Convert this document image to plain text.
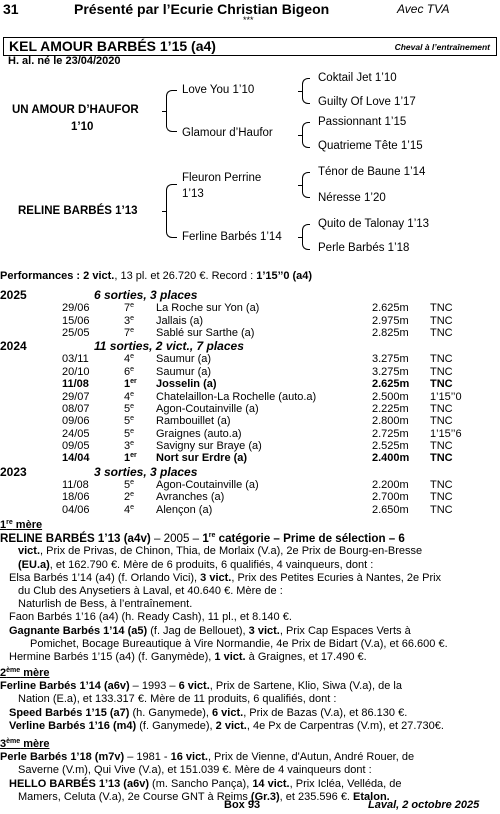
31	Présenté par l’Ecurie Christian Bigeon	Avec TVA
***
KEL AMOUR BARBÉS 1’15 (a4)	Cheval à l’entraînement
H. al. né le 23/04/2020
UN AMOUR D’HAUFOR
1’10
RELINE BARBÉS 1’13
Love You 1’10
Glamour d’Haufor
Fleuron Perrine
1’13
Ferline Barbés 1’14
Coktail Jet 1’10
Guilty Of Love 1’17
Passionnant 1’15
Quatrieme Tête 1’15
Ténor de Baune 1’14
Néresse 1’20
Quito de Talonay 1’13
Perle Barbés 1’18
Performances : 2 vict., 13 pl. et 26.720 €. Record : 1’15’’0 (a4)
2025	6 sorties, 3 places
	29/06	7e	La Roche sur Yon (a)	2.625m	TNC
	15/06	3e	Jallais (a)	2.975m	TNC
	25/05	7e	Sablé sur Sarthe (a)	2.825m	TNC
2024	11 sorties, 2 vict., 7 places
	03/11	4e	Saumur (a)	3.275m	TNC
	20/10	6e	Saumur (a)	3.275m	TNC
	11/08	1er	Josselin (a)	2.625m	TNC
	29/07	4e	Chatelaillon-La Rochelle (auto.a)	2.500m	1’15’’0
	08/07	5e	Agon-Coutainville (a)	2.225m	TNC
	09/06	5e	Rambouillet (a)	2.800m	TNC
	24/05	5e	Graignes (auto.a)	2.725m	1’15’’6
	09/05	3e	Savigny sur Braye (a)	2.525m	TNC
	14/04	1er	Nort sur Erdre (a)	2.400m	TNC
2023	3 sorties, 3 places
	11/08	5e	Agon-Coutainville (a)	2.200m	TNC
	18/06	2e	Avranches (a)	2.700m	TNC
	04/06	4e	Alençon (a)	2.650m	TNC

1re mère

RELINE BARBÉS 1’13 (a4v) – 2005 – 1re catégorie – Prime de sélection – 6

vict., Prix de Privas, de Chinon, Thia, de Morlaix (V.a), 2e Prix de Bourg-en-Bresse

(EU.a), et 162.790 €. Mère de 6 produits, 6 qualifiés, 4 vainqueurs, dont :

Elsa Barbés 1’14 (a4) (f. Orlando Vici), 3 vict., Prix des Petites Ecuries à Nantes, 2e Prix

du Club des Anysetiers à Laval, et 40.640 €. Mère de :

Naturlish de Bess, à l’entraînement.

Faon Barbés 1’16 (a4) (h. Ready Cash), 11 pl., et 8.140 €.

Gagnante Barbés 1’14 (a5) (f. Jag de Bellouet), 3 vict., Prix Cap Espaces Verts à

Pomichet, Bocage Bureautique à Vire Normandie, 4e Prix de Bidart (V.a), et 66.600 €.

Hermine Barbés 1’15 (a4) (f. Ganymède), 1 vict. à Graignes, et 17.490 €.

2ème mère

Ferline Barbés 1’14 (a6v) – 1993 – 6 vict., Prix de Sartene, Klio, Siwa (V.a), de la

Nation (E.a), et 133.317 €. Mère de 11 produits, 6 qualifiés, dont :

Speed Barbés 1’15 (a7) (h. Ganymede), 6 vict., Prix de Bazas (V.a), et 86.130 €.

Verline Barbés 1’16 (m4) (f. Ganymede), 2 vict., 4e Px de Carpentras (V.m), et 27.730€.

3ème mère

Perle Barbés 1’18 (m7v) – 1981 - 16 vict., Prix de Vienne, d'Autun, André Rouer, de

Saverne (V.m), Qui Vive (V.a), et 151.039 €. Mère de 4 vainqueurs dont :

HELLO BARBÉS 1’13 (a6v) (m. Sancho Pança), 14 vict., Prix Icléa, Velléda, de

Mamers, Celuta (V.a), 2e Course GNT à Reims (Gr.3), et 235.596 €. Etalon.

Box 93	Laval, 2 octobre 2025
